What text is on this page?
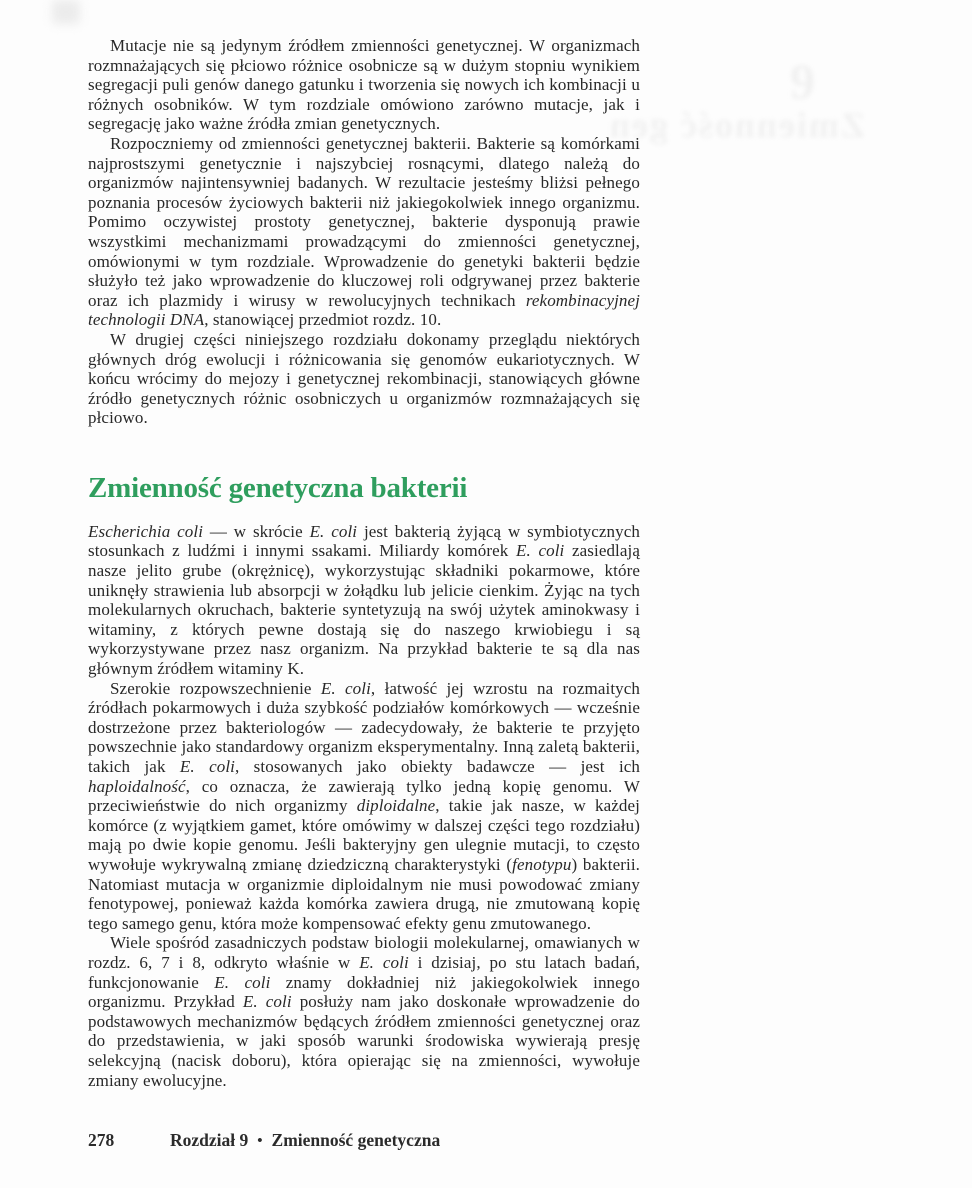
9
Zmienność gen

Mutacje nie są jedynym źródłem zmienności genetycznej. W organizmach rozmnażających się płciowo różnice osobnicze są w dużym stopniu wynikiem segregacji puli genów danego gatunku i tworzenia się nowych ich kombinacji u różnych osobników. W tym rozdziale omówiono zarówno mutacje, jak i segregację jako ważne źródła zmian genetycznych.

Rozpoczniemy od zmienności genetycznej bakterii. Bakterie są komórkami najprostszymi genetycznie i najszybciej rosnącymi, dlatego należą do organizmów najintensywniej badanych. W rezultacie jesteśmy bliżsi pełnego poznania procesów życiowych bakterii niż jakiegokolwiek innego organizmu. Pomimo oczywistej prostoty genetycznej, bakterie dysponują prawie wszystkimi mechanizmami prowadzącymi do zmienności genetycznej, omówionymi w tym rozdziale. Wprowadzenie do genetyki bakterii będzie służyło też jako wprowadzenie do kluczowej roli odgrywanej przez bakterie oraz ich plazmidy i wirusy w rewolucyjnych technikach rekombinacyjnej technologii DNA, stanowiącej przedmiot rozdz. 10.

W drugiej części niniejszego rozdziału dokonamy przeglądu niektórych głównych dróg ewolucji i różnicowania się genomów eukariotycznych. W końcu wrócimy do mejozy i genetycznej rekombinacji, stanowiących główne źródło genetycznych różnic osobniczych u organizmów rozmnażających się płciowo.

Zmienność genetyczna bakterii

Escherichia coli — w skrócie E. coli jest bakterią żyjącą w symbiotycznych stosunkach z ludźmi i innymi ssakami. Miliardy komórek E. coli zasiedlają nasze jelito grube (okrężnicę), wykorzystując składniki pokarmowe, które uniknęły strawienia lub absorpcji w żołądku lub jelicie cienkim. Żyjąc na tych molekularnych okruchach, bakterie syntetyzują na swój użytek aminokwasy i witaminy, z których pewne dostają się do naszego krwiobiegu i są wykorzystywane przez nasz organizm. Na przykład bakterie te są dla nas głównym źródłem witaminy K.

Szerokie rozpowszechnienie E. coli, łatwość jej wzrostu na rozmaitych źródłach pokarmowych i duża szybkość podziałów komórkowych — wcześnie dostrzeżone przez bakteriologów — zadecydowały, że bakterie te przyjęto powszechnie jako standardowy organizm eksperymentalny. Inną zaletą bakterii, takich jak E. coli, stosowanych jako obiekty badawcze — jest ich haploidalność, co oznacza, że zawierają tylko jedną kopię genomu. W przeciwieństwie do nich organizmy diploidalne, takie jak nasze, w każdej komórce (z wyjątkiem gamet, które omówimy w dalszej części tego rozdziału) mają po dwie kopie genomu. Jeśli bakteryjny gen ulegnie mutacji, to często wywołuje wykrywalną zmianę dziedziczną charakterystyki (fenotypu) bakterii. Natomiast mutacja w organizmie diploidalnym nie musi powodować zmiany fenotypowej, ponieważ każda komórka zawiera drugą, nie zmutowaną kopię tego samego genu, która może kompensować efekty genu zmutowanego.

Wiele spośród zasadniczych podstaw biologii molekularnej, omawianych w rozdz. 6, 7 i 8, odkryto właśnie w E. coli i dzisiaj, po stu latach badań, funkcjonowanie E. coli znamy dokładniej niż jakiegokolwiek innego organizmu. Przykład E. coli posłuży nam jako doskonałe wprowadzenie do podstawowych mechanizmów będących źródłem zmienności genetycznej oraz do przedstawienia, w jaki sposób warunki środowiska wywierają presję selekcyjną (nacisk doboru), która opierając się na zmienności, wywołuje zmiany ewolucyjne.

278	Rozdział 9 • Zmienność genetyczna
